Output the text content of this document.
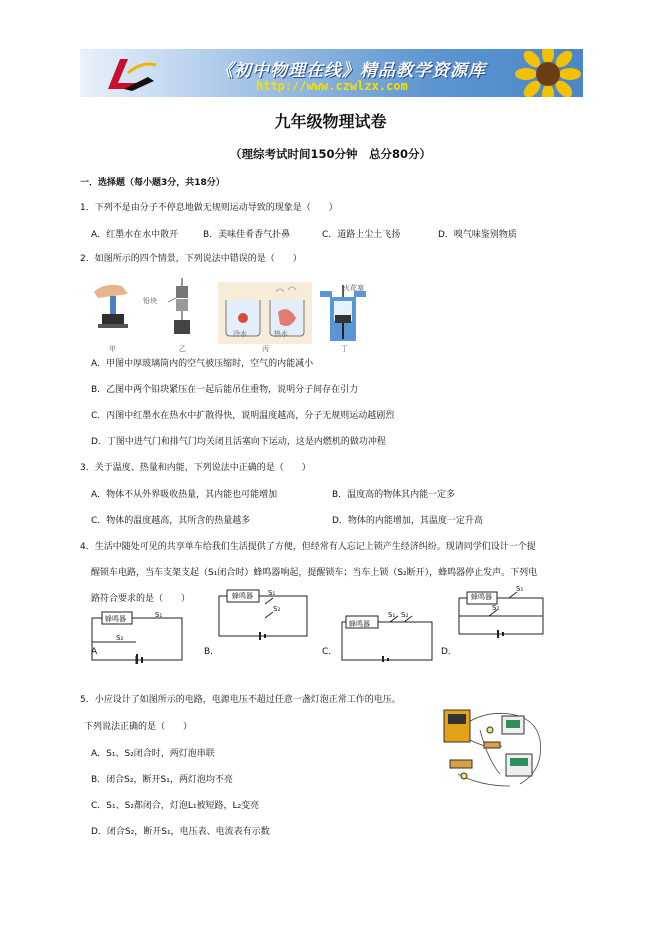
《初中物理在线》精品教学资源库
http://www.czwlzx.com
九年级物理试卷
（理综考试时间150分钟　总分80分）
一．选择题（每小题3分，共18分）
1．下列不是由分子不停息地做无规则运动导致的现象是（　　）
A．红墨水在水中散开	B．美味佳肴香气扑鼻	C．道路上尘土飞扬	D．嗅气味鉴别物质
2．如图所示的四个情景，下列说法中错误的是（　　）
甲
铅块
乙
冷水	热水
丙
火花塞
丁
A．甲图中厚玻璃筒内的空气被压缩时，空气的内能减小
B．乙图中两个铅块紧压在一起后能吊住重物，说明分子间存在引力
C．丙图中红墨水在热水中扩散得快，说明温度越高，分子无规则运动越剧烈
D．丁图中进气门和排气门均关闭且活塞向下运动，这是内燃机的做功冲程
3．关于温度、热量和内能，下列说法中正确的是（　　）
A．物体不从外界吸收热量，其内能也可能增加	B．温度高的物体其内能一定多
C．物体的温度越高，其所含的热量越多	D．物体的内能增加，其温度一定升高
4．生活中随处可见的共享单车给我们生活提供了方便，但经常有人忘记上锁产生经济纠纷。现请同学们设计一个提
醒锁车电路，当车支架支起（S₁闭合时）蜂鸣器响起，提醒锁车；当车上锁（S₂断开），蜂鸣器停止发声。下列电
路符合要求的是（　　）
蜂鸣器	S₁
S₂
A
蜂鸣器 S₁
S₂
B．
蜂鸣器
S₁ S₂
C．
蜂鸣器
S₁
S₂
D．
5．小应设计了如图所示的电路，电源电压不超过任意一盏灯泡正常工作的电压。
下列说法正确的是（　　）
A．S₁、S₂闭合时，两灯泡串联
B．闭合S₂，断开S₁，两灯泡均不亮
C．S₁、S₂都闭合，灯泡L₁被短路，L₂变亮
D．闭合S₂，断开S₁，电压表、电流表有示数
